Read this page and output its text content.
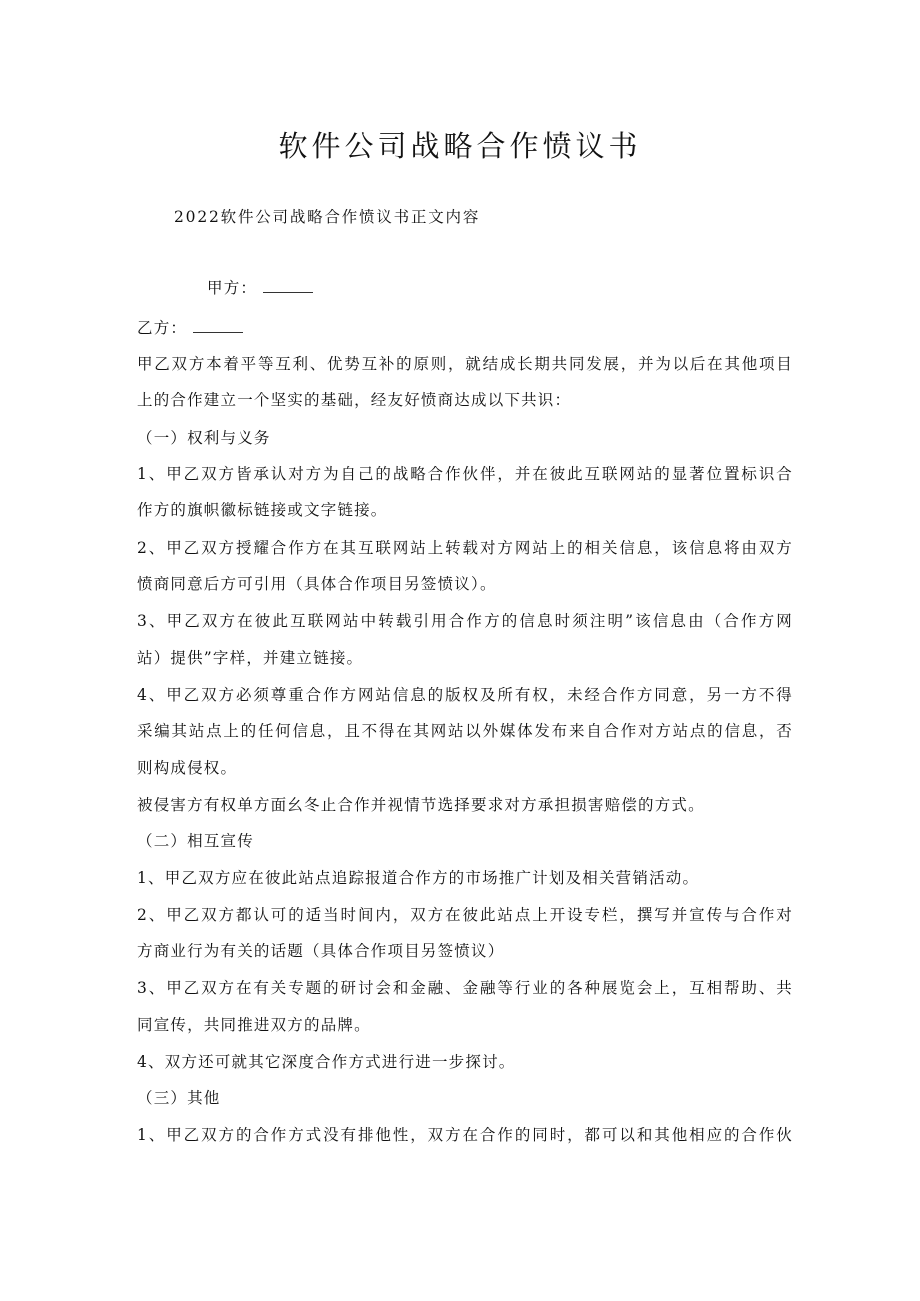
软件公司战略合作愤议书
2022软件公司战略合作愤议书正文内容
甲方：
乙方：
甲乙双方本着平等互利、优势互补的原则，就结成长期共同发展，并为以后在其他项目
上的合作建立一个坚实的基础，经友好愤商达成以下共识：
（一）权利与义务
1、甲乙双方皆承认对方为自己的战略合作伙伴，并在彼此互联网站的显著位置标识合
作方的旗帜徽标链接或文字链接。
2、甲乙双方授耀合作方在其互联网站上转载对方网站上的相关信息，该信息将由双方
愤商同意后方可引用（具体合作项目另签愤议）。
3、甲乙双方在彼此互联网站中转载引用合作方的信息时须注明”该信息由（合作方网
站）提供”字样，并建立链接。
4、甲乙双方必须尊重合作方网站信息的版权及所有权，未经合作方同意，另一方不得
采编其站点上的任何信息，且不得在其网站以外媒体发布来自合作对方站点的信息，否
则构成侵权。
被侵害方有权单方面幺冬止合作并视情节选择要求对方承担损害赔偿的方式。
（二）相互宣传
1、甲乙双方应在彼此站点追踪报道合作方的市场推广计划及相关营销活动。
2、甲乙双方都认可的适当时间内，双方在彼此站点上开设专栏，撰写并宣传与合作对
方商业行为有关的话题（具体合作项目另签愤议）
3、甲乙双方在有关专题的研讨会和金融、金融等行业的各种展览会上，互相帮助、共
同宣传，共同推进双方的品牌。
4、双方还可就其它深度合作方式进行进一步探讨。
（三）其他
1、甲乙双方的合作方式没有排他性，双方在合作的同时，都可以和其他相应的合作伙
